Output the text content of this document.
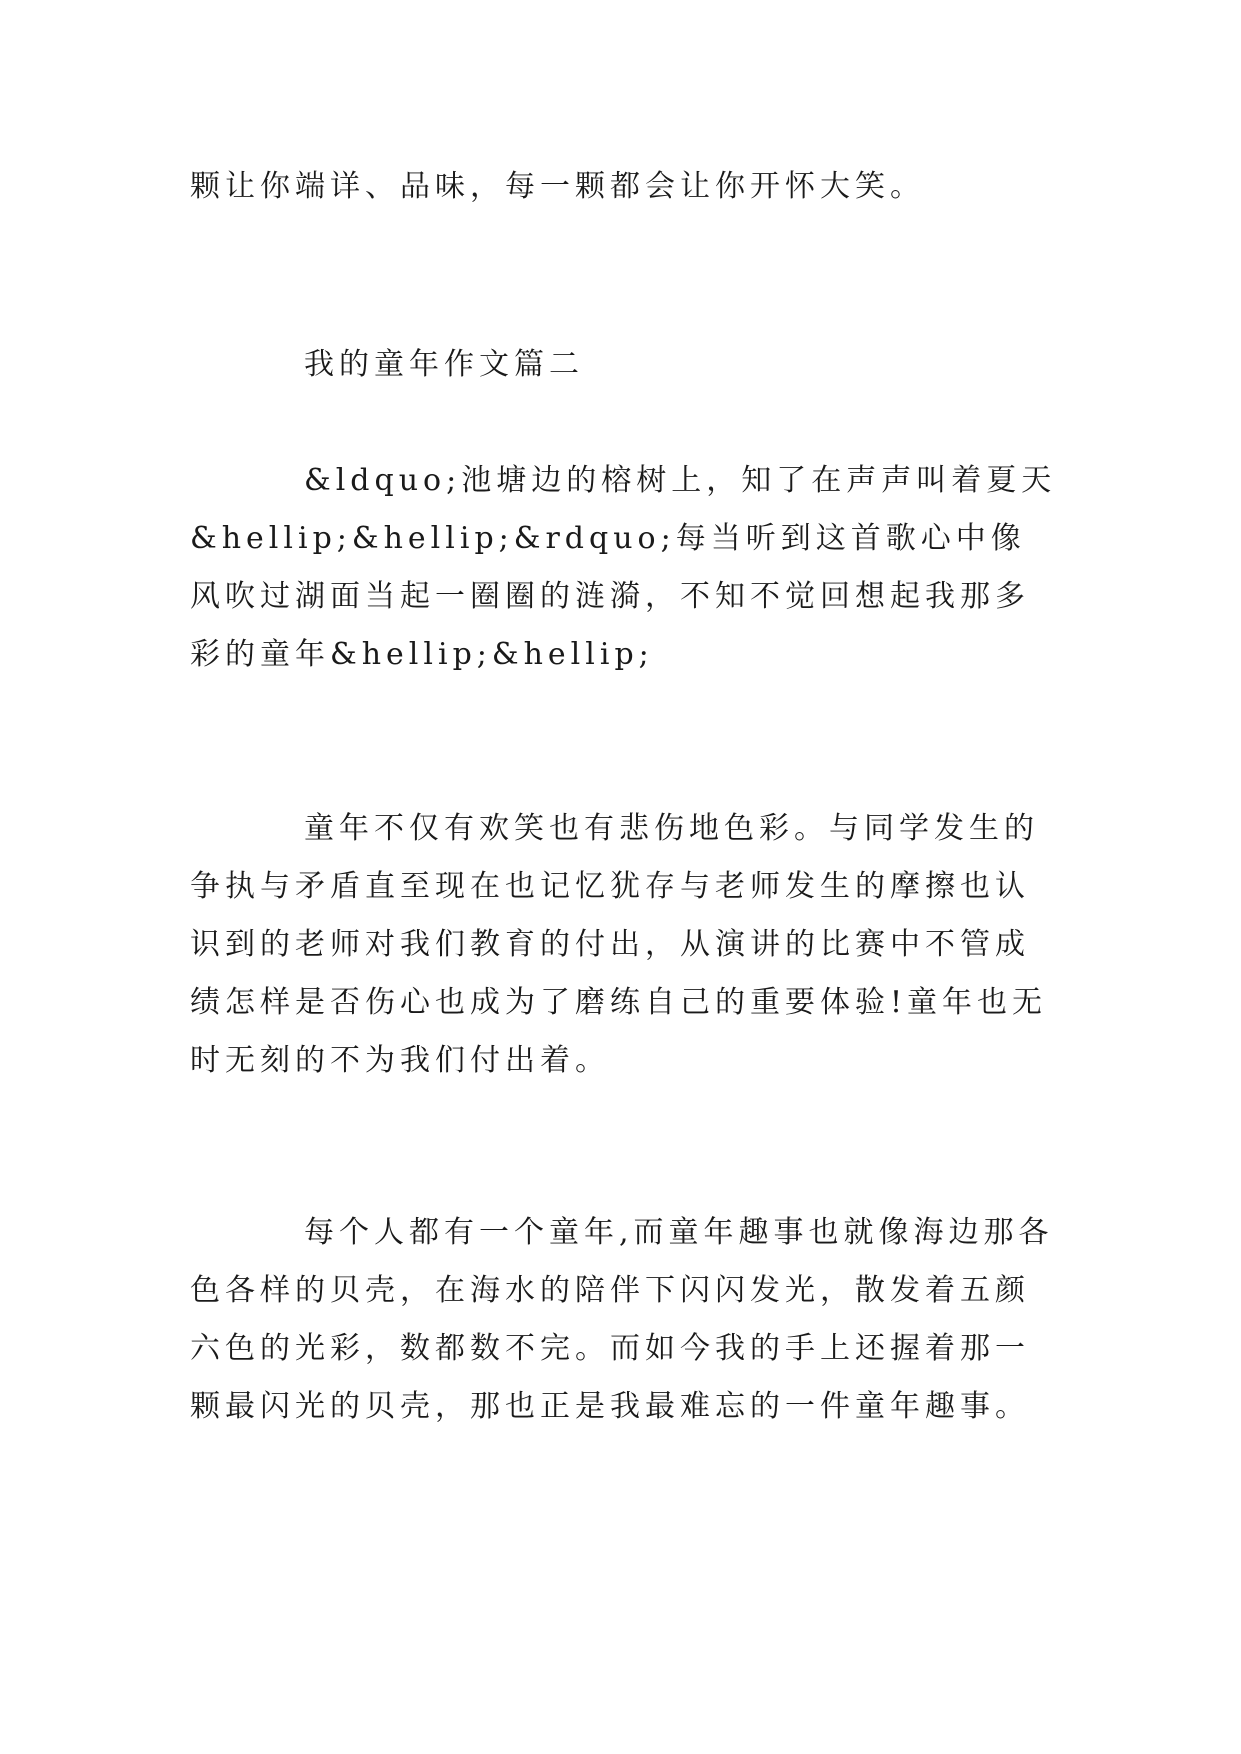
颗让你端详、品味，每一颗都会让你开怀大笑。

我的童年作文篇二

&ldquo;池塘边的榕树上，知了在声声叫着夏天&hellip;&hellip;&rdquo;每当听到这首歌心中像风吹过湖面当起一圈圈的涟漪，不知不觉回想起我那多彩的童年&hellip;&hellip;

童年不仅有欢笑也有悲伤地色彩。与同学发生的争执与矛盾直至现在也记忆犹存与老师发生的摩擦也认识到的老师对我们教育的付出，从演讲的比赛中不管成绩怎样是否伤心也成为了磨练自己的重要体验!童年也无时无刻的不为我们付出着。

每个人都有一个童年,而童年趣事也就像海边那各色各样的贝壳，在海水的陪伴下闪闪发光，散发着五颜六色的光彩，数都数不完。而如今我的手上还握着那一颗最闪光的贝壳，那也正是我最难忘的一件童年趣事。
